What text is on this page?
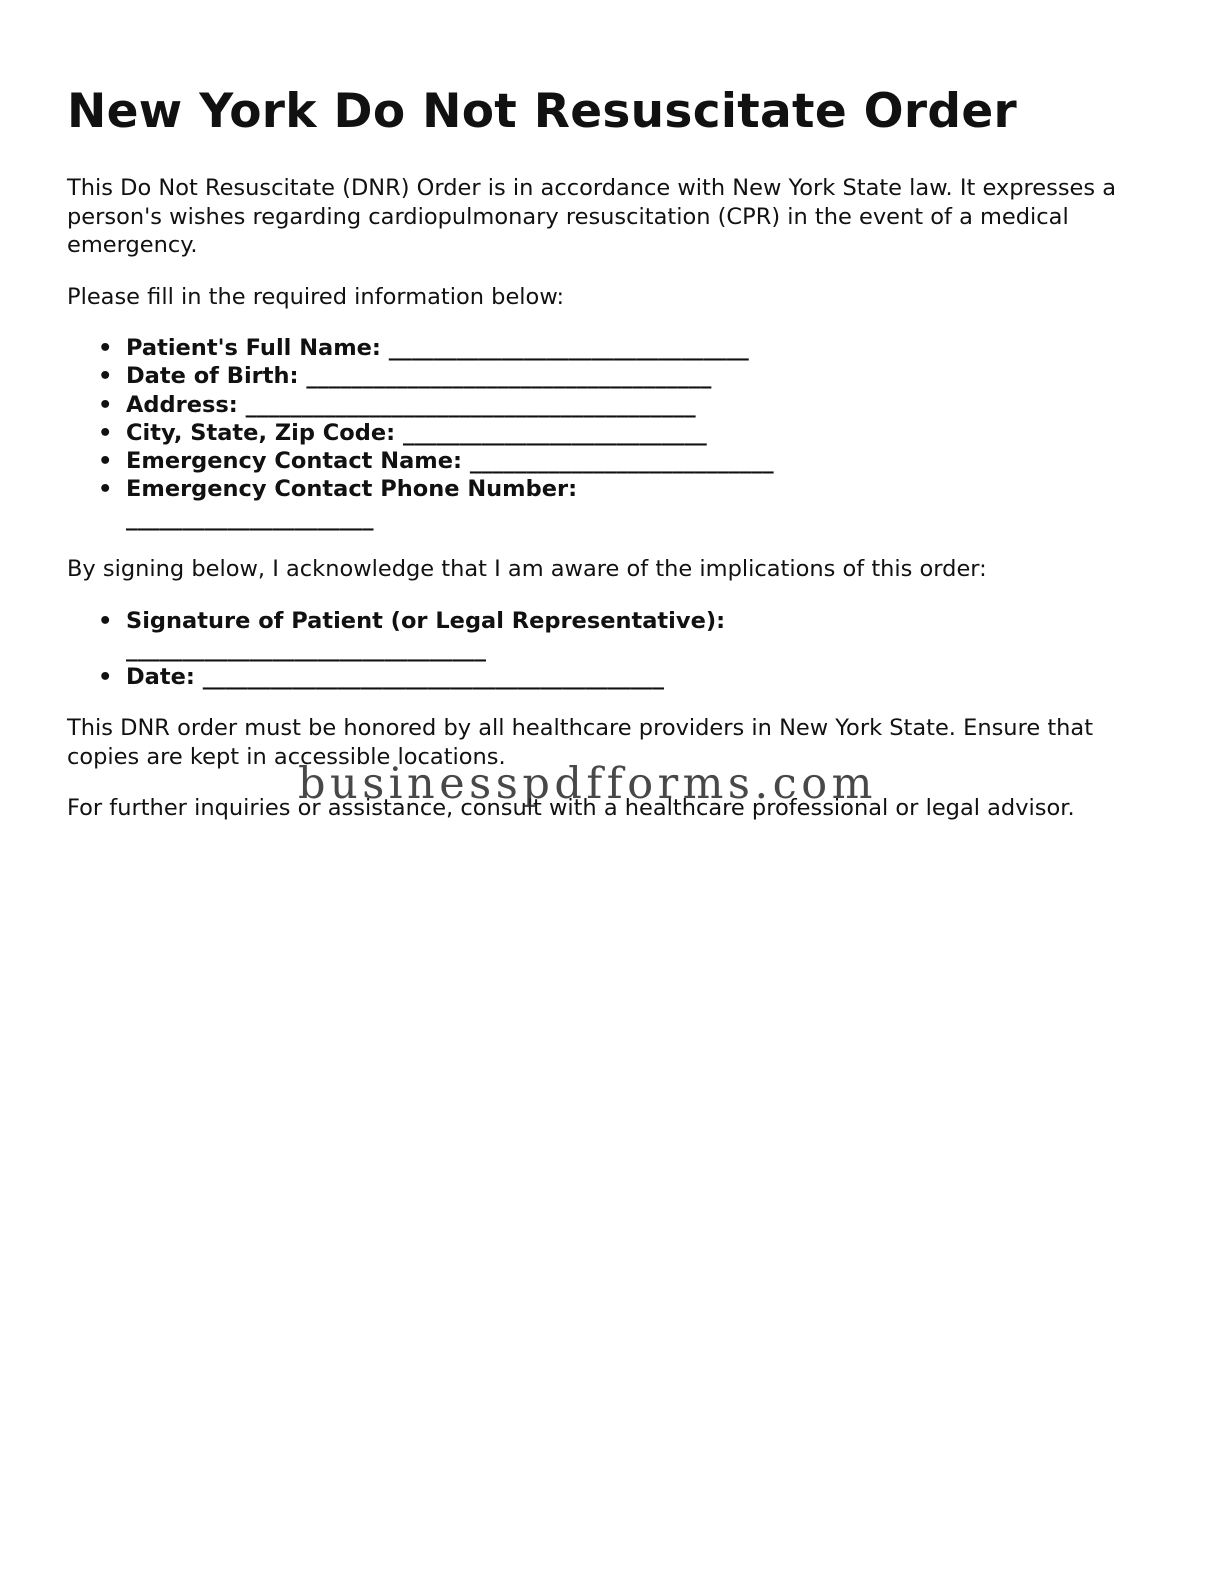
New York Do Not Resuscitate Order

This Do Not Resuscitate (DNR) Order is in accordance with New York State law. It expresses a person's wishes regarding cardiopulmonary resuscitation (CPR) in the event of a medical emergency.

Please fill in the required information below:

• Patient's Full Name: ________________________________
• Date of Birth: ____________________________________
• Address: ________________________________________
• City, State, Zip Code: ___________________________
• Emergency Contact Name: ___________________________
• Emergency Contact Phone Number: ______________________

By signing below, I acknowledge that I am aware of the implications of this order:

• Signature of Patient (or Legal Representative):
________________________________
• Date: _________________________________________

This DNR order must be honored by all healthcare providers in New York State. Ensure that copies are kept in accessible locations.

For further inquiries or assistance, consult with a healthcare professional or legal advisor.

businesspdfforms.com
